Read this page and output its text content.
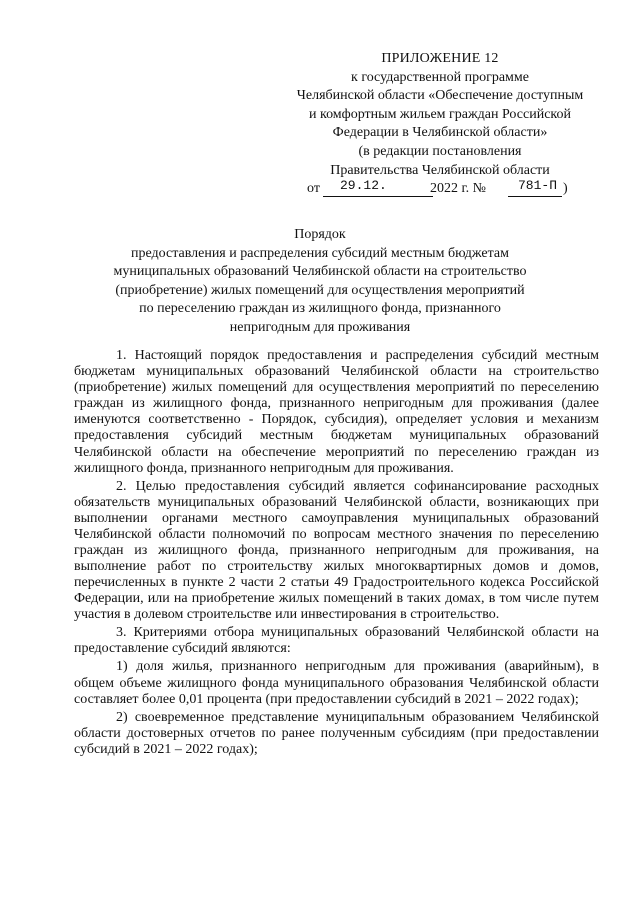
ПРИЛОЖЕНИЕ 12
к государственной программе
Челябинской области «Обеспечение доступным
и комфортным жильем граждан Российской
Федерации в Челябинской области»
(в редакции постановления
Правительства Челябинской области
от 29.12.	2022 г. № 781-П )
Порядок
предоставления и распределения субсидий местным бюджетам
муниципальных образований Челябинской области на строительство
(приобретение) жилых помещений для осуществления мероприятий
по переселению граждан из жилищного фонда, признанного
непригодным для проживания

1. Настоящий порядок предоставления и распределения субсидий местным бюджетам муниципальных образований Челябинской области на строительство (приобретение) жилых помещений для осуществления мероприятий по переселению граждан из жилищного фонда, признанного непригодным для проживания (далее именуются соответственно - Порядок, субсидия), определяет условия и механизм предоставления субсидий местным бюджетам муниципальных образований Челябинской области на обеспечение мероприятий по переселению граждан из жилищного фонда, признанного непригодным для проживания.

2. Целью предоставления субсидий является софинансирование расходных обязательств муниципальных образований Челябинской области, возникающих при выполнении органами местного самоуправления муниципальных образований Челябинской области полномочий по вопросам местного значения по переселению граждан из жилищного фонда, признанного непригодным для проживания, на выполнение работ по строительству жилых многоквартирных домов и домов, перечисленных в пункте 2 части 2 статьи 49 Градостроительного кодекса Российской Федерации, или на приобретение жилых помещений в таких домах, в том числе путем участия в долевом строительстве или инвестирования в строительство.

3. Критериями отбора муниципальных образований Челябинской области на предоставление субсидий являются:

1) доля жилья, признанного непригодным для проживания (аварийным), в общем объеме жилищного фонда муниципального образования Челябинской области составляет более 0,01 процента (при предоставлении субсидий в 2021 – 2022 годах);

2) своевременное представление муниципальным образованием Челябинской области достоверных отчетов по ранее полученным субсидиям (при предоставлении субсидий в 2021 – 2022 годах);
